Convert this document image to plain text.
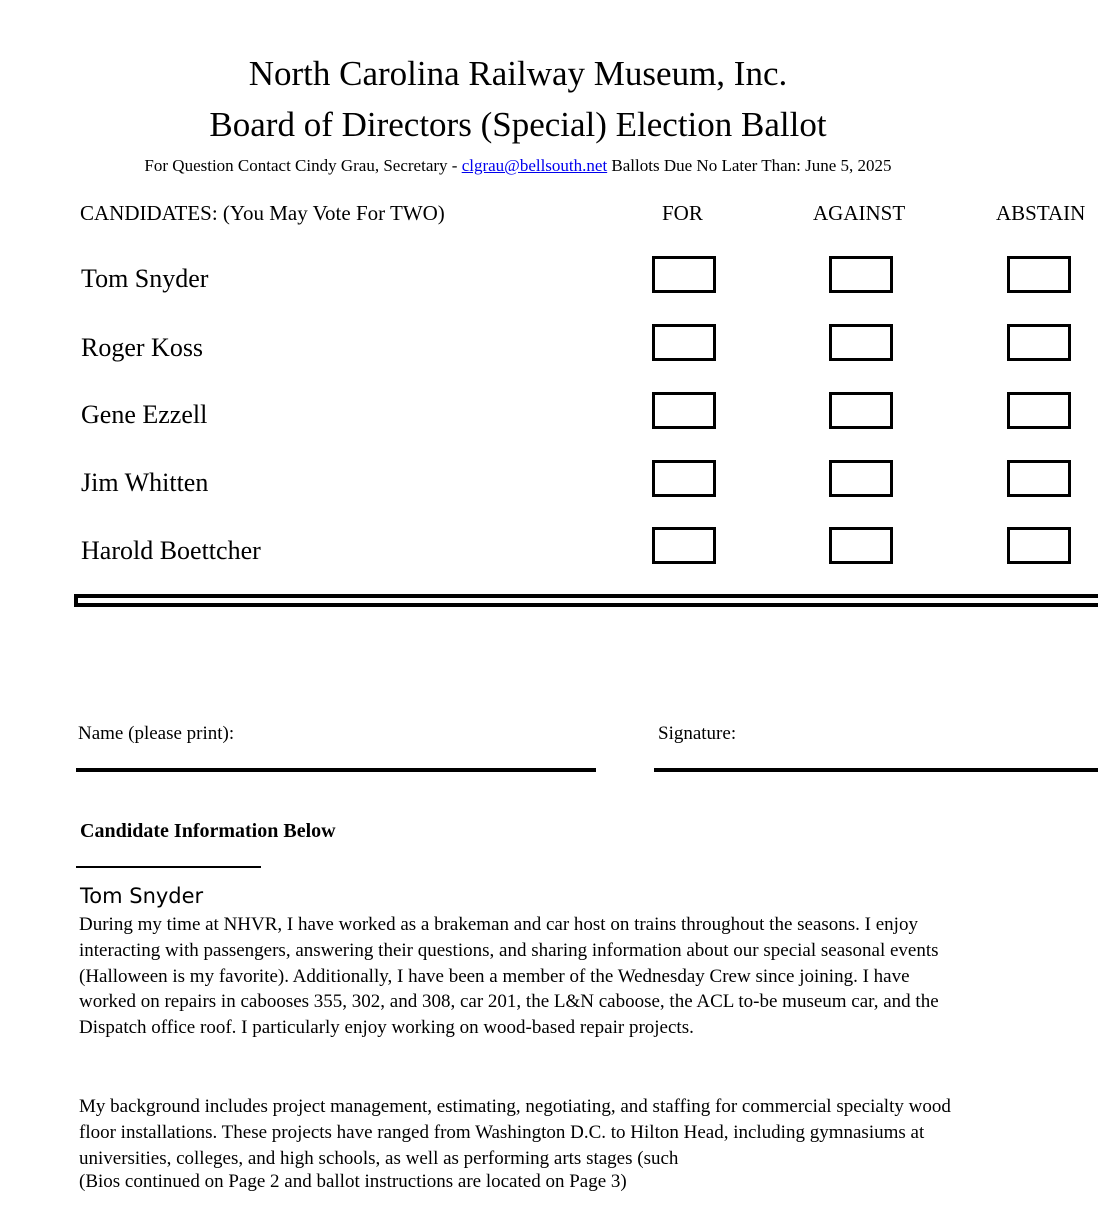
North Carolina Railway Museum, Inc.
Board of Directors (Special) Election Ballot
For Question Contact Cindy Grau, Secretary - clgrau@bellsouth.net Ballots Due No Later Than: June 5, 2025
CANDIDATES: (You May Vote For TWO)	FOR	AGAINST	ABSTAIN
Tom Snyder
Roger Koss
Gene Ezzell
Jim Whitten
Harold Boettcher
Name (please print):	Signature:
Candidate Information Below
Tom Snyder
During my time at NHVR, I have worked as a brakeman and car host on trains throughout the seasons. I enjoy interacting with passengers, answering their questions, and sharing information about our special seasonal events (Halloween is my favorite). Additionally, I have been a member of the Wednesday Crew since joining. I have worked on repairs in cabooses 355, 302, and 308, car 201, the L&N caboose, the ACL to-be museum car, and the Dispatch office roof. I particularly enjoy working on wood-based repair projects.
My background includes project management, estimating, negotiating, and staffing for commercial specialty wood floor installations. These projects have ranged from Washington D.C. to Hilton Head, including gymnasiums at universities, colleges, and high schools, as well as performing arts stages (such
(Bios continued on Page 2 and ballot instructions are located on Page 3)
